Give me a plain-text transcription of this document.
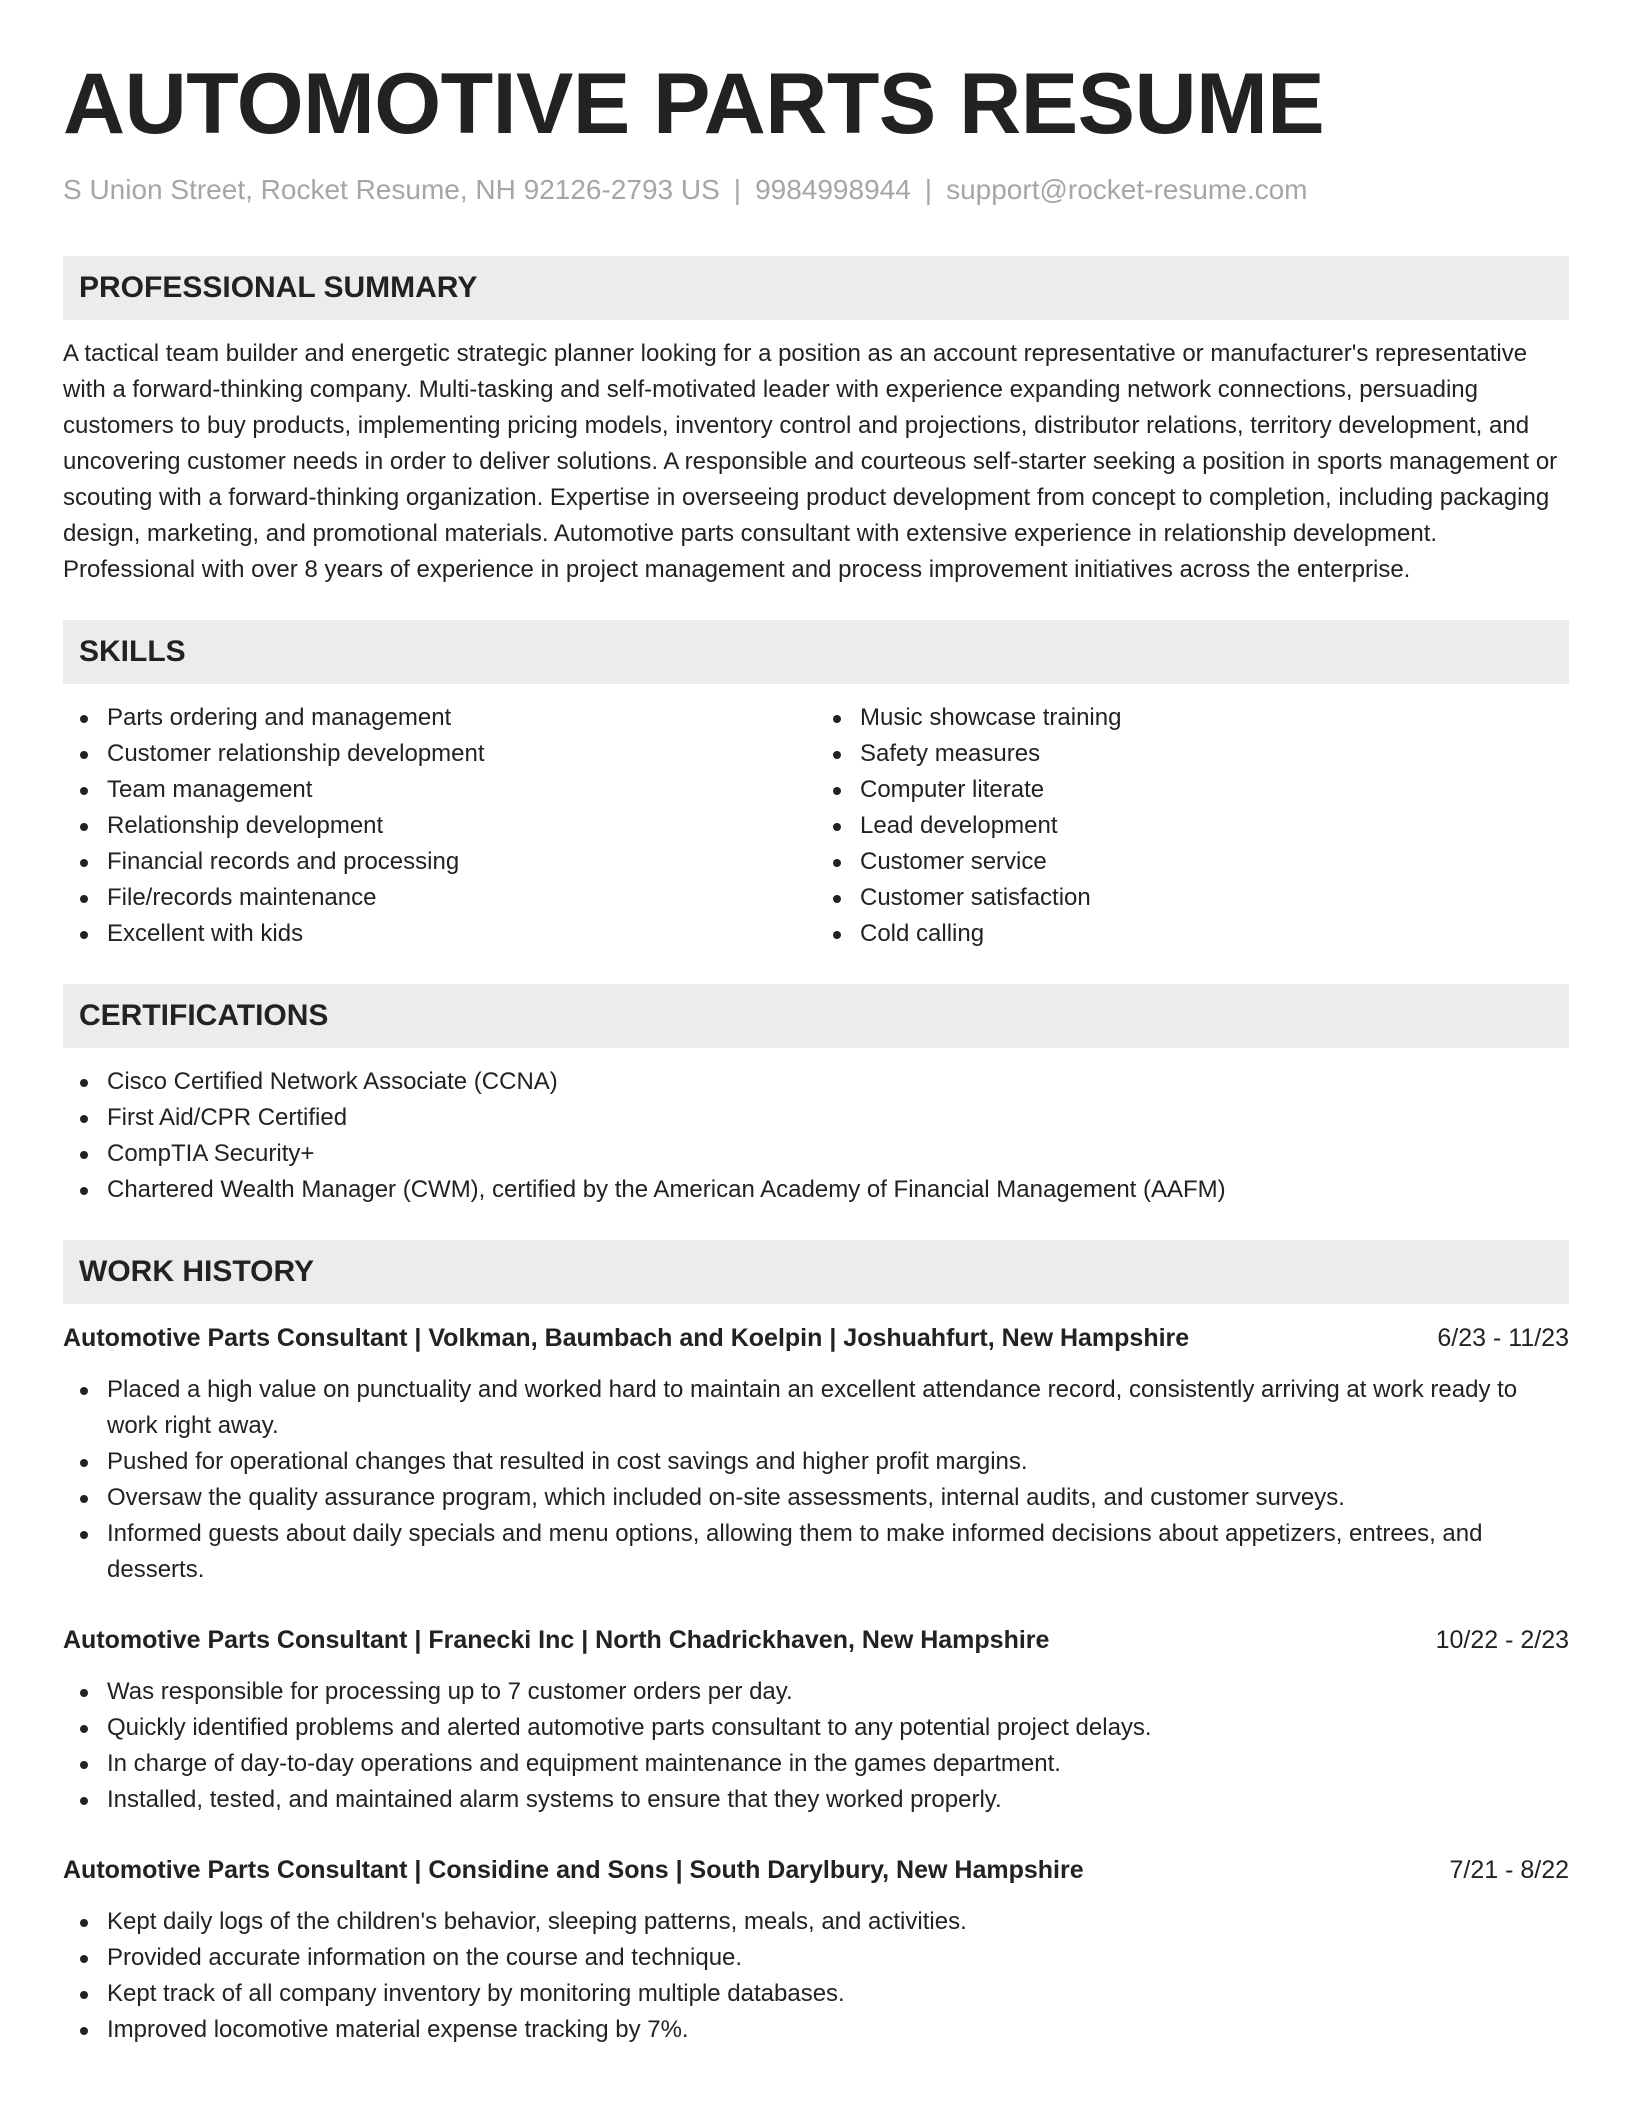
AUTOMOTIVE PARTS RESUME
S Union Street, Rocket Resume, NH 92126-2793 US | 9984998944 | support@rocket-resume.com
PROFESSIONAL SUMMARY

A tactical team builder and energetic strategic planner looking for a position as an account representative or manufacturer's representative with a forward-thinking company. Multi-tasking and self-motivated leader with experience expanding network connections, persuading customers to buy products, implementing pricing models, inventory control and projections, distributor relations, territory development, and uncovering customer needs in order to deliver solutions. A responsible and courteous self-starter seeking a position in sports management or scouting with a forward-thinking organization. Expertise in overseeing product development from concept to completion, including packaging design, marketing, and promotional materials. Automotive parts consultant with extensive experience in relationship development. Professional with over 8 years of experience in project management and process improvement initiatives across the enterprise.

SKILLS
Parts ordering and management
Customer relationship development
Team management
Relationship development
Financial records and processing
File/records maintenance
Excellent with kids
Music showcase training
Safety measures
Computer literate
Lead development
Customer service
Customer satisfaction
Cold calling
CERTIFICATIONS
Cisco Certified Network Associate (CCNA)
First Aid/CPR Certified
CompTIA Security+
Chartered Wealth Manager (CWM), certified by the American Academy of Financial Management (AAFM)
WORK HISTORY
Automotive Parts Consultant | Volkman, Baumbach and Koelpin | Joshuahfurt, New Hampshire	6/23 - 11/23
Placed a high value on punctuality and worked hard to maintain an excellent attendance record, consistently arriving at work ready to work right away.
Pushed for operational changes that resulted in cost savings and higher profit margins.
Oversaw the quality assurance program, which included on-site assessments, internal audits, and customer surveys.
Informed guests about daily specials and menu options, allowing them to make informed decisions about appetizers, entrees, and desserts.
Automotive Parts Consultant | Franecki Inc | North Chadrickhaven, New Hampshire	10/22 - 2/23
Was responsible for processing up to 7 customer orders per day.
Quickly identified problems and alerted automotive parts consultant to any potential project delays.
In charge of day-to-day operations and equipment maintenance in the games department.
Installed, tested, and maintained alarm systems to ensure that they worked properly.
Automotive Parts Consultant | Considine and Sons | South Darylbury, New Hampshire	7/21 - 8/22
Kept daily logs of the children's behavior, sleeping patterns, meals, and activities.
Provided accurate information on the course and technique.
Kept track of all company inventory by monitoring multiple databases.
Improved locomotive material expense tracking by 7%.
